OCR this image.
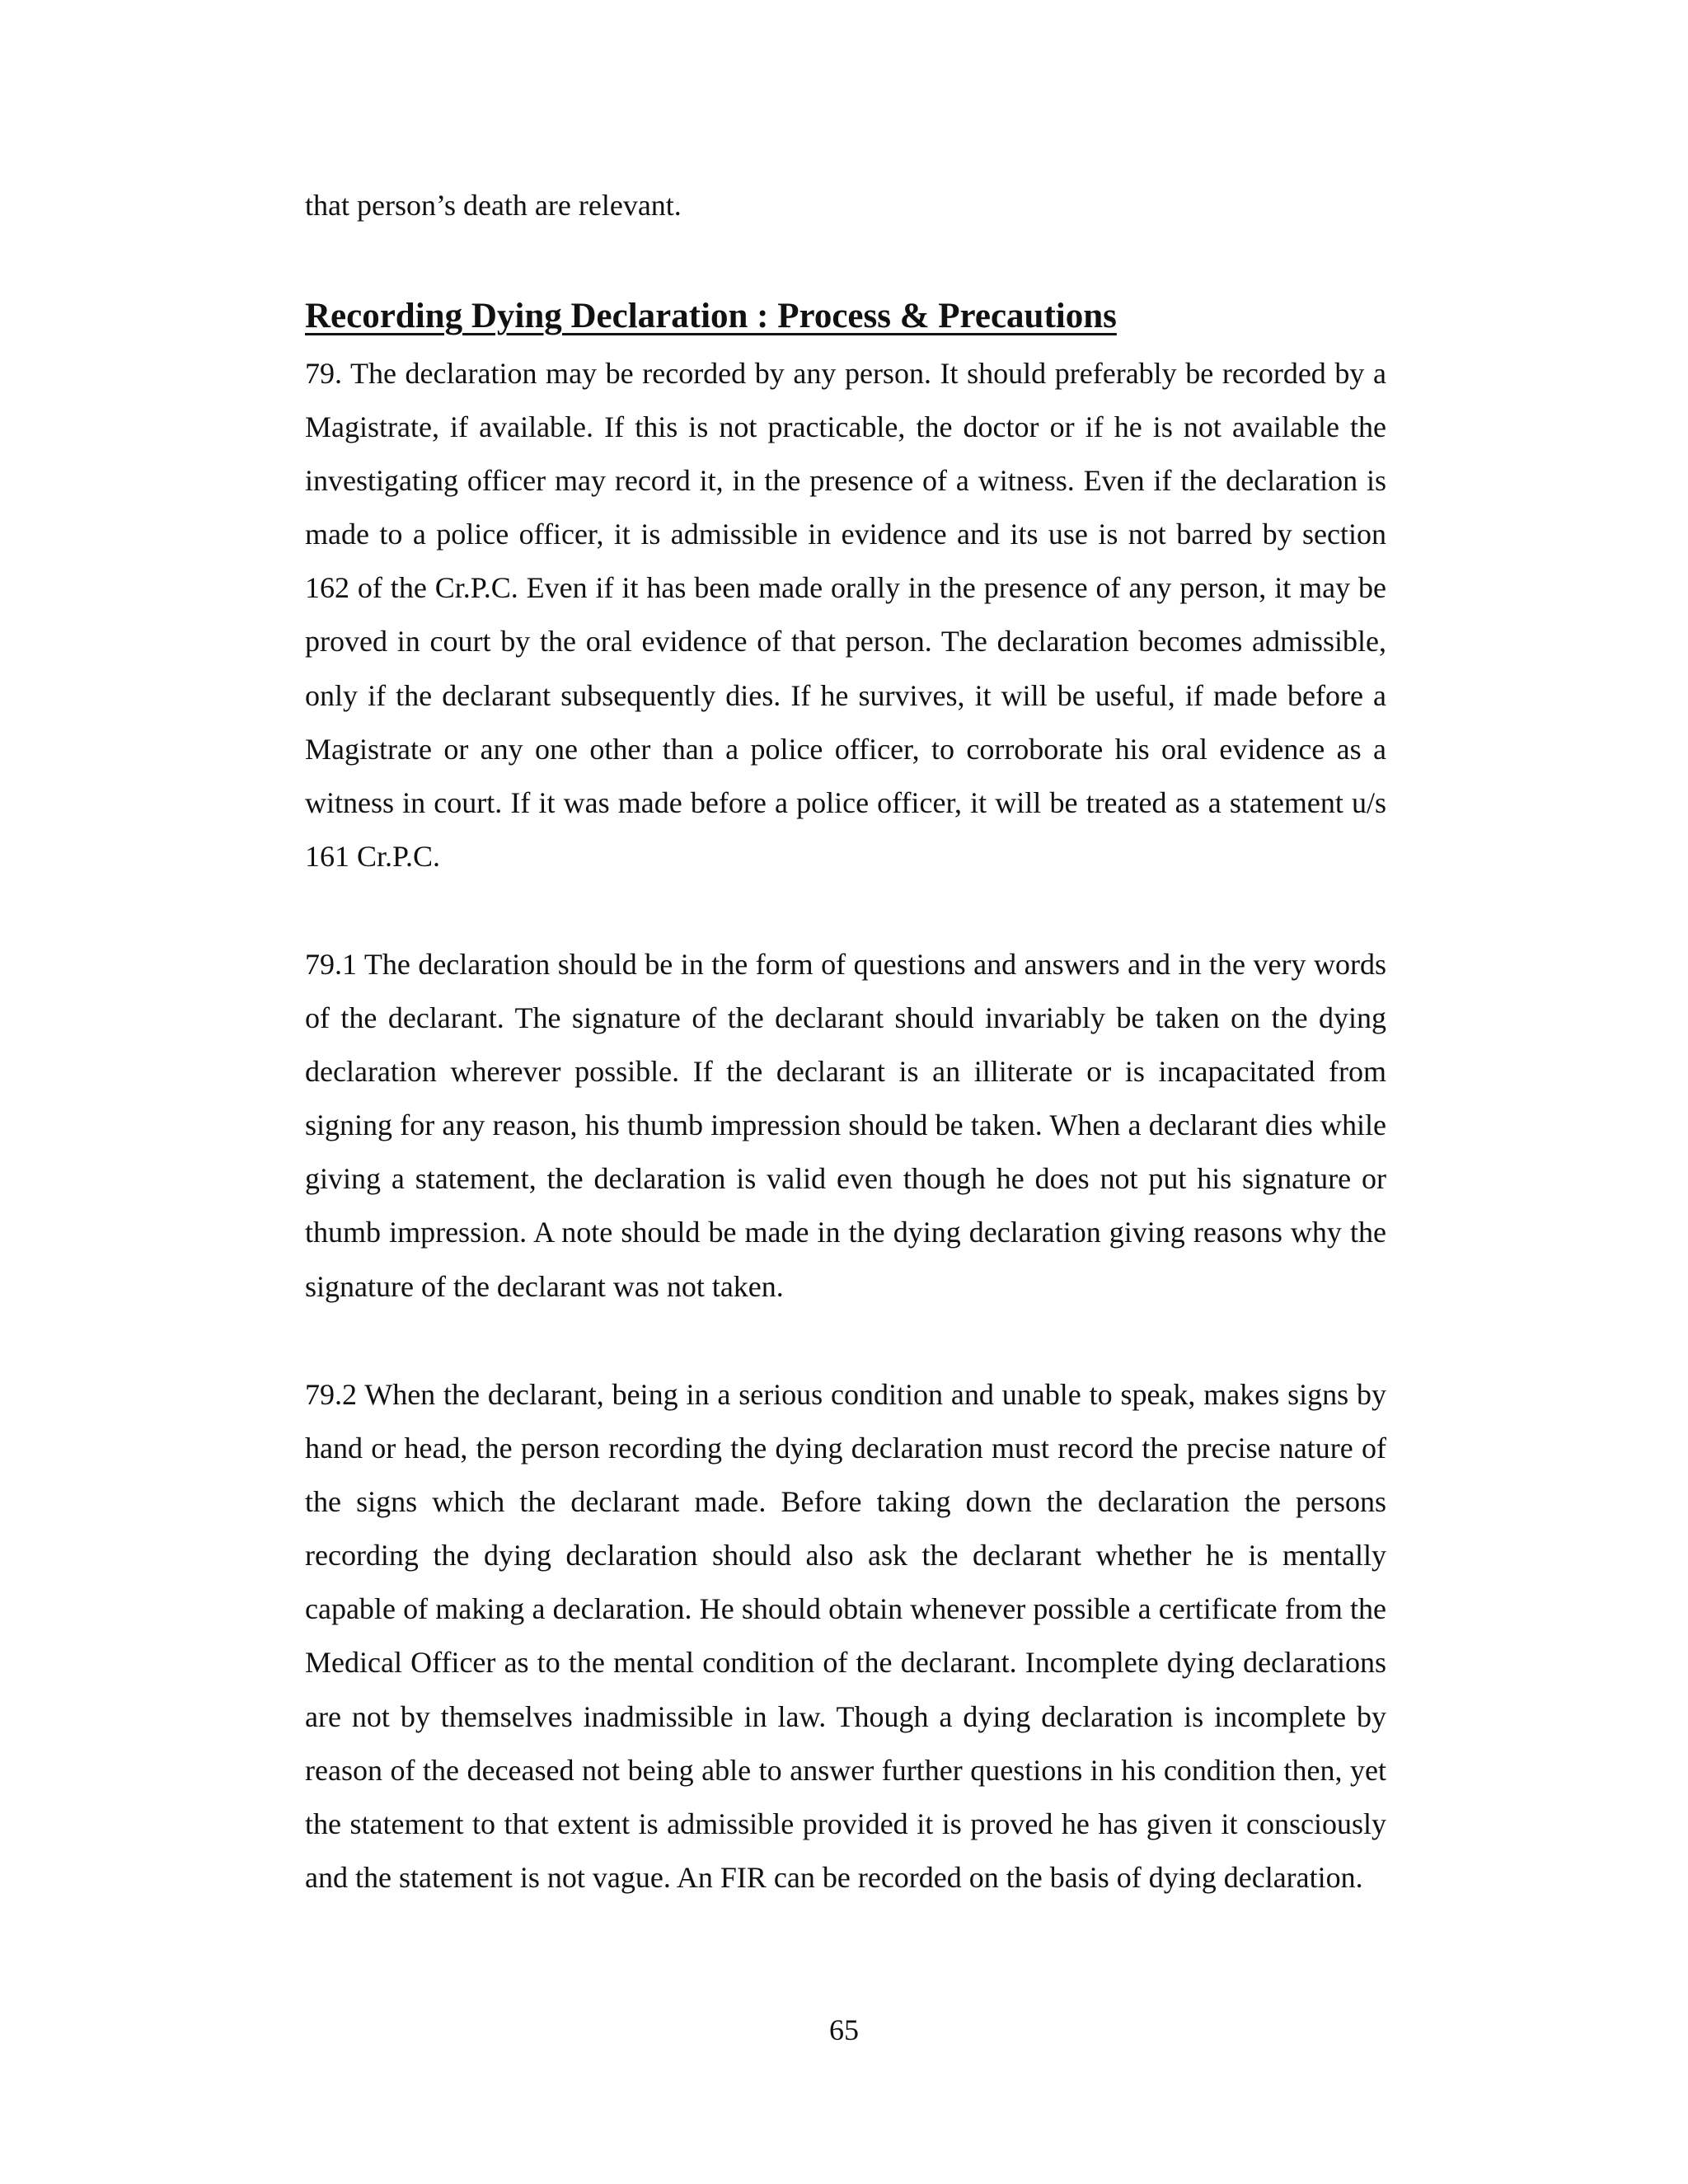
that person’s death are relevant.
Recording Dying Declaration : Process & Precautions

79. The declaration may be recorded by any person. It should preferably be recorded by a Magistrate, if available. If this is not practicable, the doctor or if he is not available the investigating officer may record it, in the presence of a witness. Even if the declaration is made to a police officer, it is admissible in evidence and its use is not barred by section 162 of the Cr.P.C. Even if it has been made orally in the presence of any person, it may be proved in court by the oral evidence of that person. The declaration becomes admissible, only if the declarant subsequently dies. If he survives, it will be useful, if made before a Magistrate or any one other than a police officer, to corroborate his oral evidence as a witness in court. If it was made before a police officer, it will be treated as a statement u/s 161 Cr.P.C.

79.1 The declaration should be in the form of questions and answers and in the very words of the declarant. The signature of the declarant should invariably be taken on the dying declaration wherever possible. If the declarant is an illiterate or is incapacitated from signing for any reason, his thumb impression should be taken. When a declarant dies while giving a statement, the declaration is valid even though he does not put his signature or thumb impression. A note should be made in the dying declaration giving reasons why the signature of the declarant was not taken.

79.2 When the declarant, being in a serious condition and unable to speak, makes signs by hand or head, the person recording the dying declaration must record the precise nature of the signs which the declarant made. Before taking down the declaration the persons recording the dying declaration should also ask the declarant whether he is mentally capable of making a declaration. He should obtain whenever possible a certificate from the Medical Officer as to the mental condition of the declarant. Incomplete dying declarations are not by themselves inadmissible in law. Though a dying declaration is incomplete by reason of the deceased not being able to answer further questions in his condition then, yet the statement to that extent is admissible provided it is proved he has given it consciously and the statement is not vague. An FIR can be recorded on the basis of dying declaration.

65
